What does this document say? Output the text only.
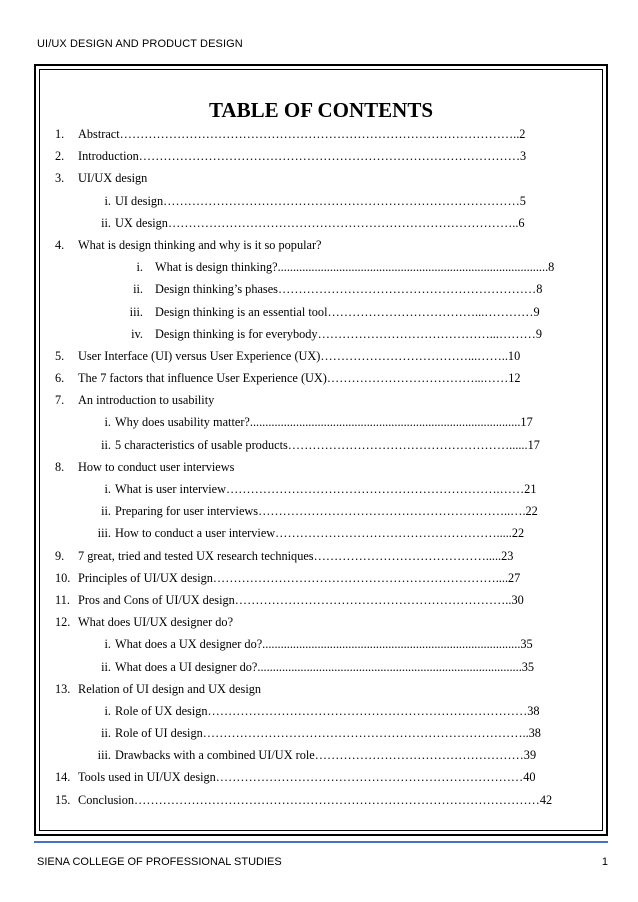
UI/UX DESIGN AND PRODUCT DESIGN
TABLE OF CONTENTS
1. Abstract……………………………………………………………………………………..2
2. Introduction…………………………………………………………………………………3
3. UI/UX design
i. UI design……………………………………………………………………………5
ii. UX design…………………………………………………………………………..6
4. What is design thinking and why is it so popular?
i. What is design thinking?........................................................................................8
ii. Design thinking’s phases………………………………………………………8
iii. Design thinking is an essential tool………………………………...…………9
iv. Design thinking is for everybody……………………………………...………9
5. User Interface (UI) versus User Experience (UX)………………………………...……..10
6. The 7 factors that influence User Experience (UX)………………………………...……12
7. An introduction to usability
i. Why does usability matter?........................................................................................17
ii. 5 characteristics of usable products………………………………………………......17
8. How to conduct user interviews
i. What is user interview………………………………………………………….……21
ii. Preparing for user interviews……………………………………………………..….22
iii. How to conduct a user interview……………………………………………….....22
9. 7 great, tried and tested UX research techniques…………………………………….....23
10. Principles of UI/UX design……………………………………………………………....27
11. Pros and Cons of UI/UX design…………………………………………………………..30
12. What does UI/UX designer do?
i. What does a UX designer do?....................................................................................35
ii. What does a UI designer do?......................................................................................35
13. Relation of UI design and UX design
i. Role of UX design……………………………………………………………………38
ii. Role of UI design……………………………………………………………………..38
iii. Drawbacks with a combined UI/UX role……………………………………………39
14. Tools used in UI/UX design…………………………………………………………………40
15. Conclusion………………………………………………………………………………………42
SIENA COLLEGE OF PROFESSIONAL STUDIES	1
